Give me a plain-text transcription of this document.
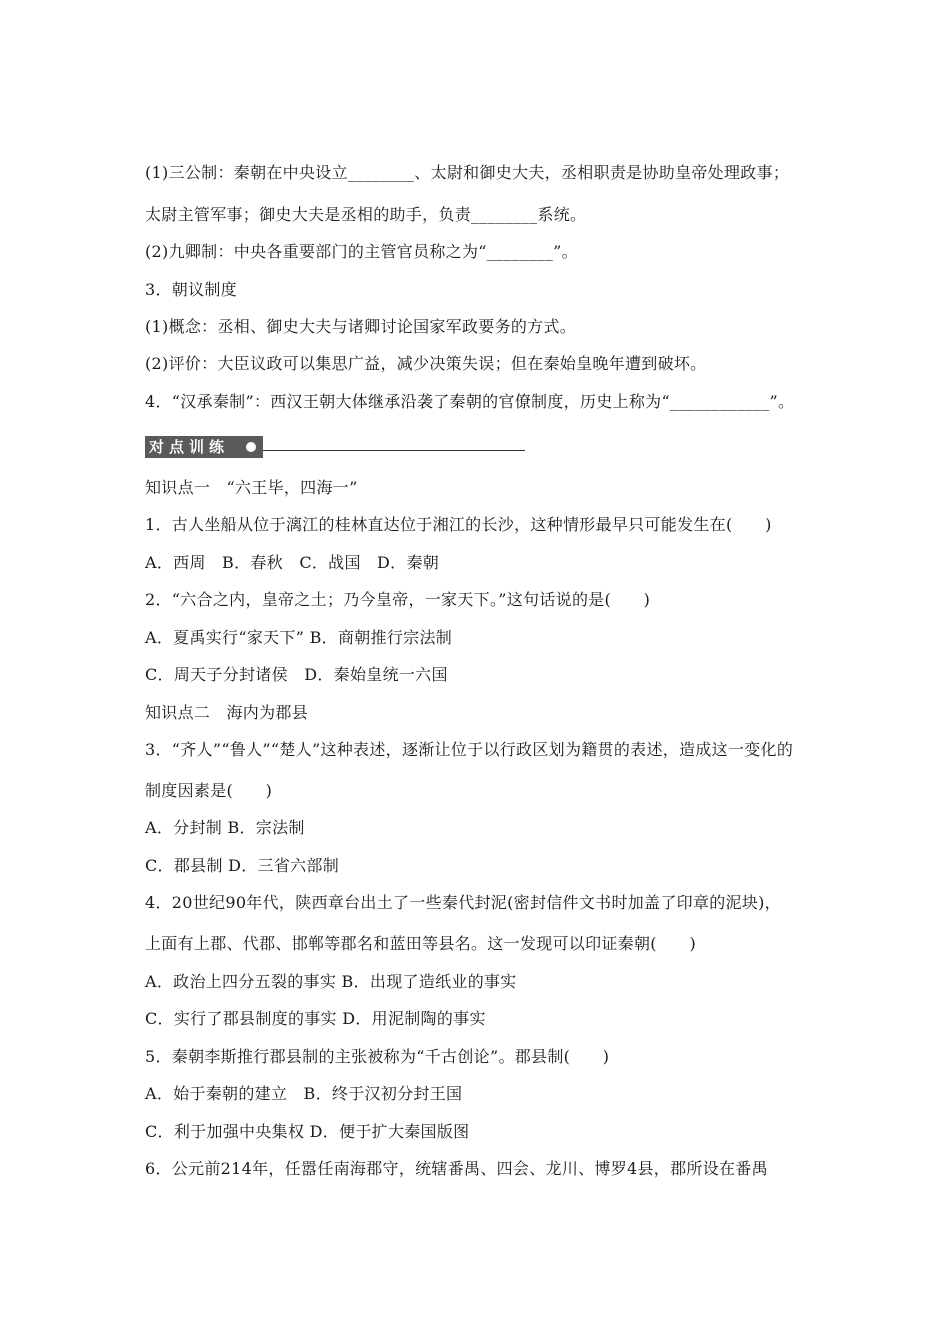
(1)三公制：秦朝在中央设立________、太尉和御史大夫，丞相职责是协助皇帝处理政事；
太尉主管军事；御史大夫是丞相的助手，负责________系统。
(2)九卿制：中央各重要部门的主管官员称之为“________”。
3．朝议制度
(1)概念：丞相、御史大夫与诸卿讨论国家军政要务的方式。
(2)评价：大臣议政可以集思广益，减少决策失误；但在秦始皇晚年遭到破坏。
4．“汉承秦制”：西汉王朝大体继承沿袭了秦朝的官僚制度，历史上称为“____________”。
对点训练
知识点一　“六王毕，四海一”
1．古人坐船从位于漓江的桂林直达位于湘江的长沙，这种情形最早只可能发生在(　　)
A．西周　B．春秋　C．战国　D．秦朝
2．“六合之内，皇帝之土；乃今皇帝，一家天下。”这句话说的是(　　)
A．夏禹实行“家天下” B．商朝推行宗法制
C．周天子分封诸侯　D．秦始皇统一六国
知识点二　海内为郡县
3．“齐人”“鲁人”“楚人”这种表述，逐渐让位于以行政区划为籍贯的表述，造成这一变化的
制度因素是(　　)
A．分封制 B．宗法制
C．郡县制 D．三省六部制
4．20世纪90年代，陕西章台出土了一些秦代封泥(密封信件文书时加盖了印章的泥块)，
上面有上郡、代郡、邯郸等郡名和蓝田等县名。这一发现可以印证秦朝(　　)
A．政治上四分五裂的事实 B．出现了造纸业的事实
C．实行了郡县制度的事实 D．用泥制陶的事实
5．秦朝李斯推行郡县制的主张被称为“千古创论”。郡县制(　　)
A．始于秦朝的建立　B．终于汉初分封王国
C．利于加强中央集权 D．便于扩大秦国版图
6．公元前214年，任嚣任南海郡守，统辖番禺、四会、龙川、博罗4县，郡所设在番禺
